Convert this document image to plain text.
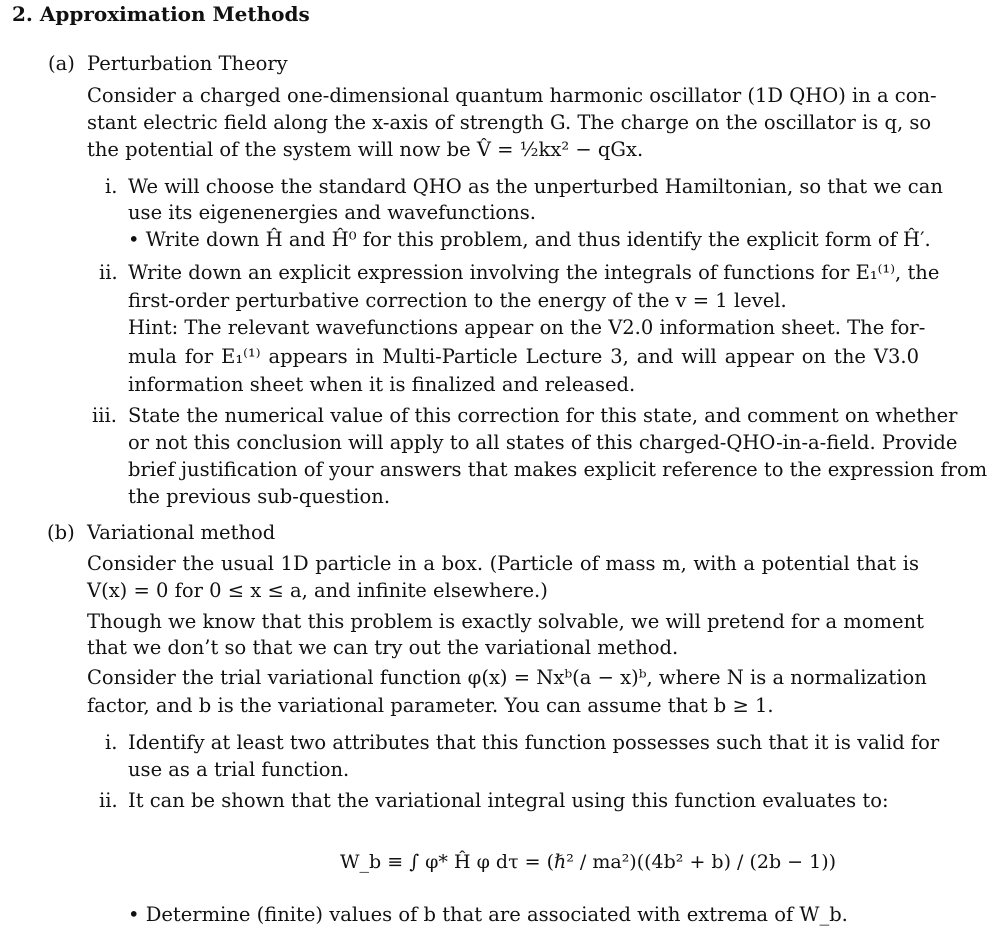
2. Approximation Methods
(a) Perturbation Theory
Consider a charged one-dimensional quantum harmonic oscillator (1D QHO) in a con-
stant electric field along the x-axis of strength G. The charge on the oscillator is q, so
the potential of the system will now be V̂ = ½kx² − qGx.
i. We will choose the standard QHO as the unperturbed Hamiltonian, so that we can
use its eigenenergies and wavefunctions.
• Write down Ĥ and Ĥ⁰ for this problem, and thus identify the explicit form of Ĥ′.
ii. Write down an explicit expression involving the integrals of functions for E₁⁽¹⁾, the
first-order perturbative correction to the energy of the v = 1 level.
Hint: The relevant wavefunctions appear on the V2.0 information sheet. The for-
mula for E₁⁽¹⁾ appears in Multi-Particle Lecture 3, and will appear on the V3.0
information sheet when it is finalized and released.
iii. State the numerical value of this correction for this state, and comment on whether
or not this conclusion will apply to all states of this charged-QHO-in-a-field. Provide
brief justification of your answers that makes explicit reference to the expression from
the previous sub-question.
(b) Variational method
Consider the usual 1D particle in a box. (Particle of mass m, with a potential that is
V(x) = 0 for 0 ≤ x ≤ a, and infinite elsewhere.)
Though we know that this problem is exactly solvable, we will pretend for a moment
that we don’t so that we can try out the variational method.
Consider the trial variational function φ(x) = Nxᵇ(a − x)ᵇ, where N is a normalization
factor, and b is the variational parameter. You can assume that b ≥ 1.
i. Identify at least two attributes that this function possesses such that it is valid for
use as a trial function.
ii. It can be shown that the variational integral using this function evaluates to:
W_b ≡ ∫ φ* Ĥ φ dτ = (ℏ² / ma²)((4b² + b) / (2b − 1))
• Determine (finite) values of b that are associated with extrema of W_b.
